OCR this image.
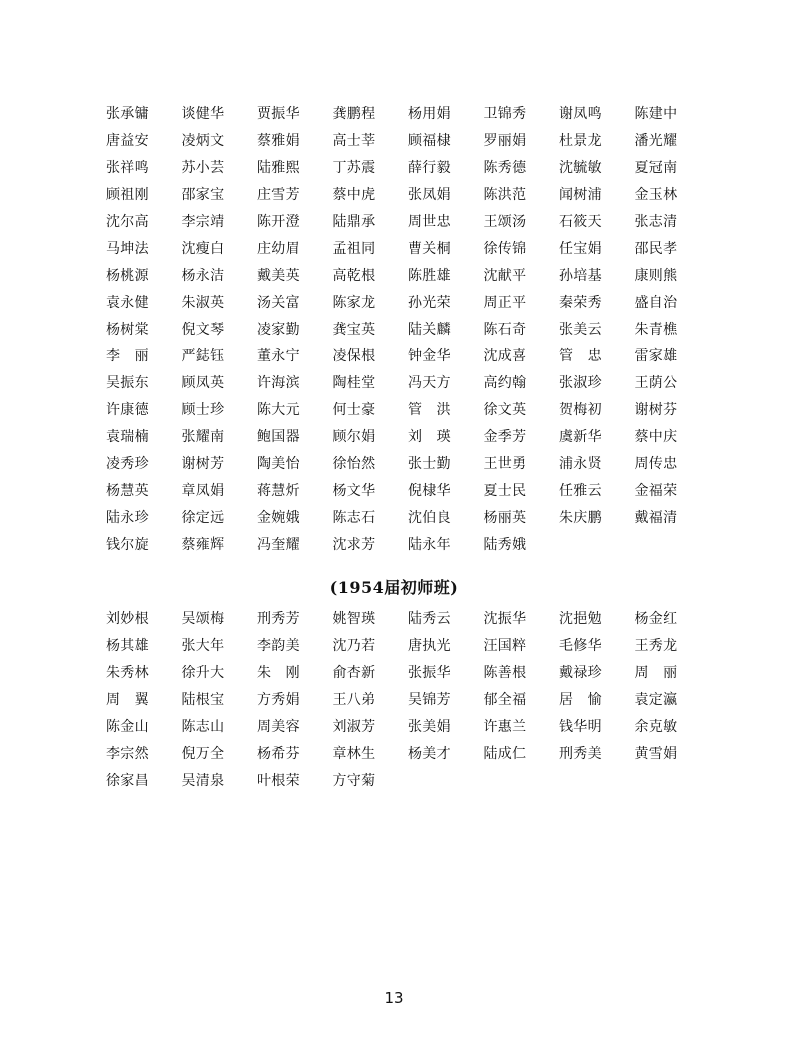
张承镛	谈健华	贾振华	龚鹏程	杨用娟	卫锦秀	谢凤鸣	陈建中
唐益安	凌炳文	蔡雅娟	高士莘	顾福棣	罗丽娟	杜景龙	潘光耀
张祥鸣	苏小芸	陆雅熙	丁苏震	薛行毅	陈秀德	沈毓敏	夏冠南
顾祖刚	邵家宝	庄雪芳	蔡中虎	张凤娟	陈洪范	闻树浦	金玉林
沈尔高	李宗靖	陈开澄	陆鼎承	周世忠	王颂汤	石筱天	张志清
马坤法	沈瘦白	庄幼眉	孟祖同	曹关桐	徐传锦	任宝娟	邵民孝
杨桃源	杨永洁	戴美英	高乾根	陈胜雄	沈献平	孙培基	康则熊
袁永健	朱淑英	汤关富	陈家龙	孙光荣	周正平	秦荣秀	盛自治
杨树棠	倪文琴	凌家勤	龚宝英	陆关麟	陈石奇	张美云	朱青樵
李　丽	严鋕钰	董永宁	凌保根	钟金华	沈成喜	管　忠	雷家雄
吴振东	顾凤英	许海滨	陶桂堂	冯天方	高约翰	张淑珍	王荫公
许康德	顾士珍	陈大元	何士豪	管　洪	徐文英	贺梅初	谢树芬
袁瑞楠	张耀南	鲍国器	顾尔娟	刘　瑛	金季芳	虞新华	蔡中庆
凌秀珍	谢树芳	陶美怡	徐怡然	张士勤	王世勇	浦永贤	周传忠
杨慧英	章凤娟	蒋慧炘	杨文华	倪棣华	夏士民	任雅云	金福荣
陆永珍	徐定远	金婉娥	陈志石	沈伯良	杨丽英	朱庆鹏	戴福清
钱尔旋	蔡雍辉	冯奎耀	沈求芳	陆永年	陆秀娥
(1954届初师班)
刘妙根	吴颂梅	刑秀芳	姚智瑛	陆秀云	沈振华	沈挹勉	杨金红
杨其雄	张大年	李韵美	沈乃若	唐执光	汪国粹	毛修华	王秀龙
朱秀林	徐升大	朱　刚	俞杏新	张振华	陈善根	戴禄珍	周　丽
周　翼	陆根宝	方秀娟	王八弟	吴锦芳	郁全福	居　愉	袁定瀛
陈金山	陈志山	周美容	刘淑芳	张美娟	许惠兰	钱华明	余克敏
李宗然	倪万全	杨希芬	章林生	杨美才	陆成仁	刑秀美	黄雪娟
徐家昌	吴清泉	叶根荣	方守菊
13
